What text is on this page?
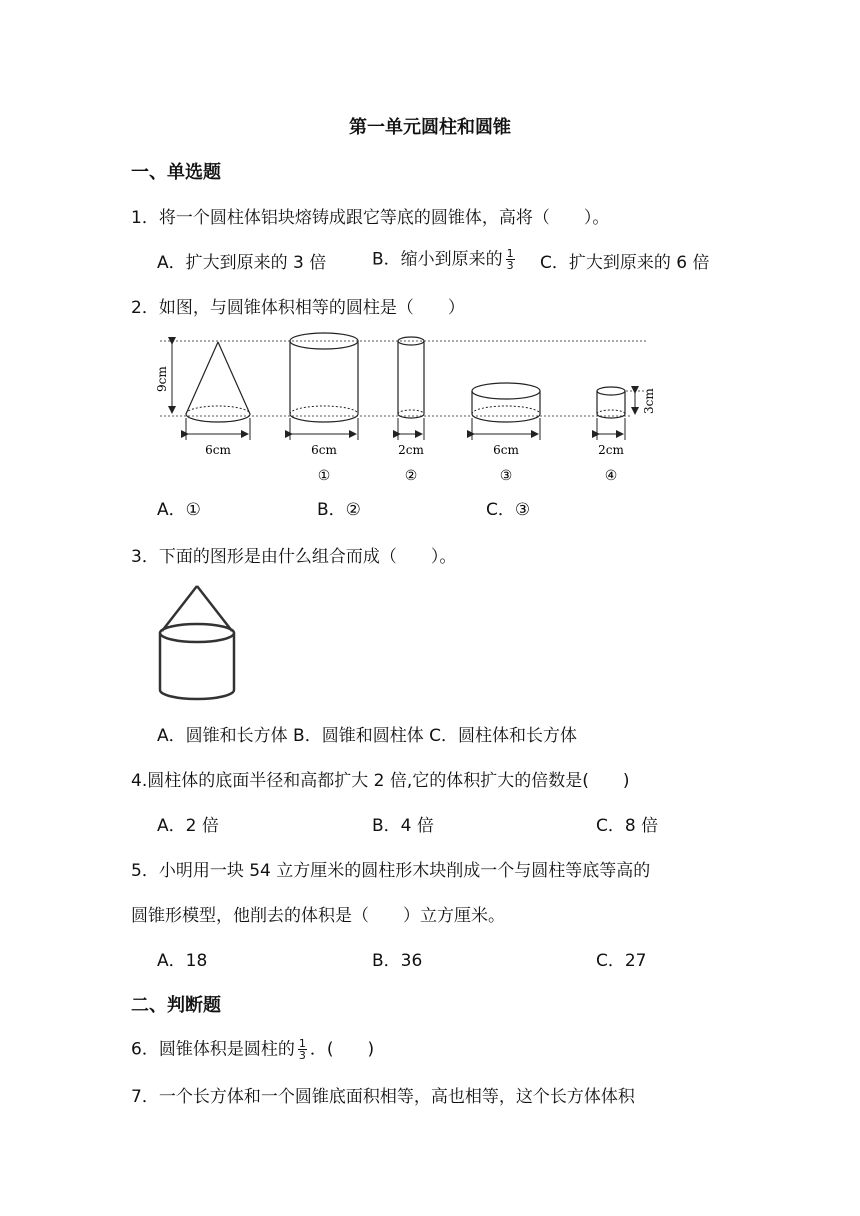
第一单元圆柱和圆锥
一、单选题
1．将一个圆柱体铝块熔铸成跟它等底的圆锥体，高将（　　）。
A．扩大到原来的 3 倍	B．缩小到原来的 $\frac{1}{3}$ C．扩大到原来的 6 倍
2．如图，与圆锥体积相等的圆柱是（　　）
9cm
6cm	6cm
①
2cm
②
6cm
③
3cm
2cm
④
A．①	B．②	C．③
3．下面的图形是由什么组合而成（　　）。
A．圆锥和长方体 B．圆锥和圆柱体 C．圆柱体和长方体
4.圆柱体的底面半径和高都扩大 2 倍,它的体积扩大的倍数是(　　)
A．2 倍	B．4 倍	C．8 倍
5．小明用一块 54 立方厘米的圆柱形木块削成一个与圆柱等底等高的
圆锥形模型，他削去的体积是（　　）立方厘米。
A．18	B．36	C．27
二、判断题
6．圆锥体积是圆柱的 $\frac{1}{3}$ ．(　　)
7．一个长方体和一个圆锥底面积相等，高也相等，这个长方体体积
